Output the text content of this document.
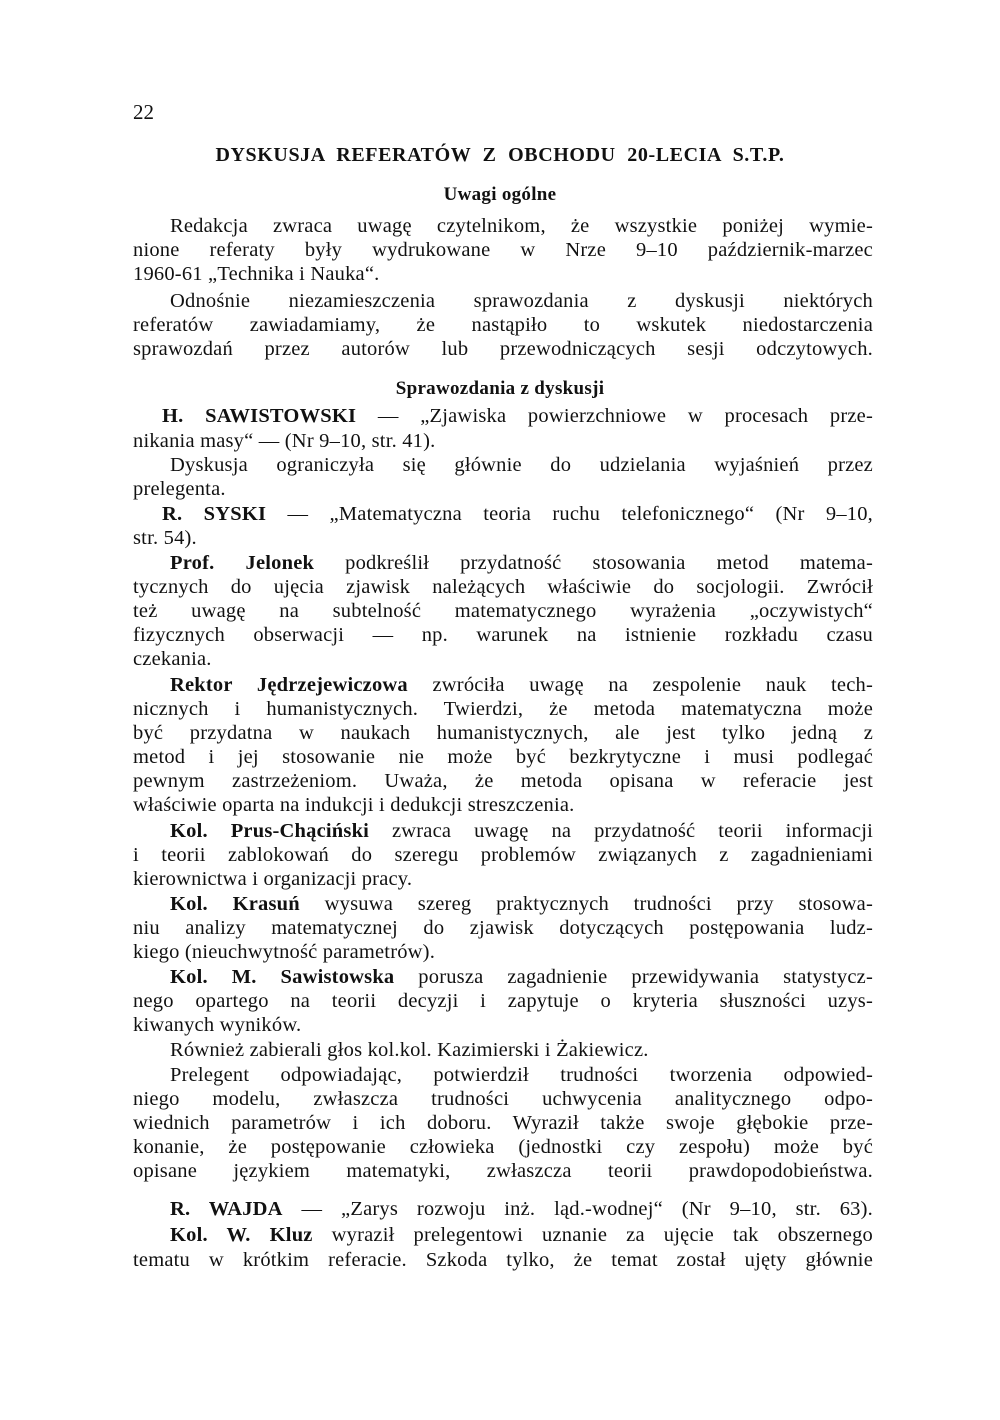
22
DYSKUSJA REFERATÓW Z OBCHODU 20-LECIA S.T.P.
Uwagi ogólne
Redakcja zwraca uwagę czytelnikom, że wszystkie poniżej wymie-
nione referaty były wydrukowane w Nrze 9–10 październik-marzec
1960-61 „Technika i Nauka“.
Odnośnie niezamieszczenia sprawozdania z dyskusji niektórych
referatów zawiadamiamy, że nastąpiło to wskutek niedostarczenia
sprawozdań przez autorów lub przewodniczących sesji odczytowych.
Sprawozdania z dyskusji
H. SAWISTOWSKI — „Zjawiska powierzchniowe w procesach prze-
nikania masy“ — (Nr 9–10, str. 41).
Dyskusja ograniczyła się głównie do udzielania wyjaśnień przez
prelegenta.
R. SYSKI — „Matematyczna teoria ruchu telefonicznego“ (Nr 9–10,
str. 54).
Prof. Jelonek podkreślił przydatność stosowania metod matema-
tycznych do ujęcia zjawisk należących właściwie do socjologii. Zwrócił
też uwagę na subtelność matematycznego wyrażenia „oczywistych“
fizycznych obserwacji — np. warunek na istnienie rozkładu czasu
czekania.
Rektor Jędrzejewiczowa zwróciła uwagę na zespolenie nauk tech-
nicznych i humanistycznych. Twierdzi, że metoda matematyczna może
być przydatna w naukach humanistycznych, ale jest tylko jedną z
metod i jej stosowanie nie może być bezkrytyczne i musi podlegać
pewnym zastrzeżeniom. Uważa, że metoda opisana w referacie jest
właściwie oparta na indukcji i dedukcji streszczenia.
Kol. Prus-Chąciński zwraca uwagę na przydatność teorii informacji
i teorii zablokowań do szeregu problemów związanych z zagadnieniami
kierownictwa i organizacji pracy.
Kol. Krasuń wysuwa szereg praktycznych trudności przy stosowa-
niu analizy matematycznej do zjawisk dotyczących postępowania ludz-
kiego (nieuchwytność parametrów).
Kol. M. Sawistowska porusza zagadnienie przewidywania statystycz-
nego opartego na teorii decyzji i zapytuje o kryteria słuszności uzys-
kiwanych wyników.
Również zabierali głos kol.kol. Kazimierski i Żakiewicz.
Prelegent odpowiadając, potwierdził trudności tworzenia odpowied-
niego modelu, zwłaszcza trudności uchwycenia analitycznego odpo-
wiednich parametrów i ich doboru. Wyraził także swoje głębokie prze-
konanie, że postępowanie człowieka (jednostki czy zespołu) może być
opisane językiem matematyki, zwłaszcza teorii prawdopodobieństwa.
R. WAJDA — „Zarys rozwoju inż. ląd.-wodnej“ (Nr 9–10, str. 63).
Kol. W. Kluz wyraził prelegentowi uznanie za ujęcie tak obszernego
tematu w krótkim referacie. Szkoda tylko, że temat został ujęty głównie
